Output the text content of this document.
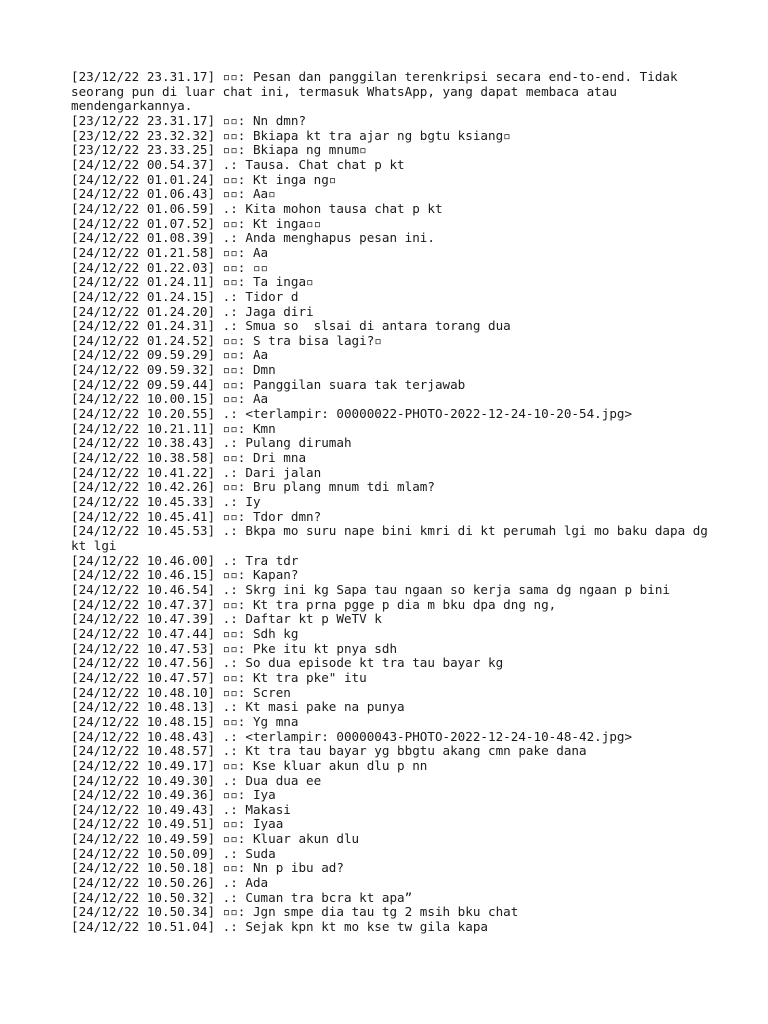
[23/12/22 23.31.17] ▫▫: Pesan dan panggilan terenkripsi secara end-to-end. Tidak seorang pun di luar chat ini, termasuk WhatsApp, yang dapat membaca atau mendengarkannya.
[23/12/22 23.31.17] ▫▫: Nn dmn?
[23/12/22 23.32.32] ▫▫: Bkiapa kt tra ajar ng bgtu ksiang▫
[23/12/22 23.33.25] ▫▫: Bkiapa ng mnum▫
[24/12/22 00.54.37] .: Tausa. Chat chat p kt
[24/12/22 01.01.24] ▫▫: Kt inga ng▫
[24/12/22 01.06.43] ▫▫: Aa▫
[24/12/22 01.06.59] .: Kita mohon tausa chat p kt
[24/12/22 01.07.52] ▫▫: Kt inga▫▫
[24/12/22 01.08.39] .: Anda menghapus pesan ini.
[24/12/22 01.21.58] ▫▫: Aa
[24/12/22 01.22.03] ▫▫: ▫▫
[24/12/22 01.24.11] ▫▫: Ta inga▫
[24/12/22 01.24.15] .: Tidor d
[24/12/22 01.24.20] .: Jaga diri
[24/12/22 01.24.31] .: Smua so  slsai di antara torang dua
[24/12/22 01.24.52] ▫▫: S tra bisa lagi?▫
[24/12/22 09.59.29] ▫▫: Aa
[24/12/22 09.59.32] ▫▫: Dmn
[24/12/22 09.59.44] ▫▫: Panggilan suara tak terjawab
[24/12/22 10.00.15] ▫▫: Aa
[24/12/22 10.20.55] .: <terlampir: 00000022-PHOTO-2022-12-24-10-20-54.jpg>
[24/12/22 10.21.11] ▫▫: Kmn
[24/12/22 10.38.43] .: Pulang dirumah
[24/12/22 10.38.58] ▫▫: Dri mna
[24/12/22 10.41.22] .: Dari jalan
[24/12/22 10.42.26] ▫▫: Bru plang mnum tdi mlam?
[24/12/22 10.45.33] .: Iy
[24/12/22 10.45.41] ▫▫: Tdor dmn?
[24/12/22 10.45.53] .: Bkpa mo suru nape bini kmri di kt perumah lgi mo baku dapa dg kt lgi
[24/12/22 10.46.00] .: Tra tdr
[24/12/22 10.46.15] ▫▫: Kapan?
[24/12/22 10.46.54] .: Skrg ini kg Sapa tau ngaan so kerja sama dg ngaan p bini
[24/12/22 10.47.37] ▫▫: Kt tra prna pgge p dia m bku dpa dng ng,
[24/12/22 10.47.39] .: Daftar kt p WeTV k
[24/12/22 10.47.44] ▫▫: Sdh kg
[24/12/22 10.47.53] ▫▫: Pke itu kt pnya sdh
[24/12/22 10.47.56] .: So dua episode kt tra tau bayar kg
[24/12/22 10.47.57] ▫▫: Kt tra pke" itu
[24/12/22 10.48.10] ▫▫: Scren
[24/12/22 10.48.13] .: Kt masi pake na punya
[24/12/22 10.48.15] ▫▫: Yg mna
[24/12/22 10.48.43] .: <terlampir: 00000043-PHOTO-2022-12-24-10-48-42.jpg>
[24/12/22 10.48.57] .: Kt tra tau bayar yg bbgtu akang cmn pake dana
[24/12/22 10.49.17] ▫▫: Kse kluar akun dlu p nn
[24/12/22 10.49.30] .: Dua dua ee
[24/12/22 10.49.36] ▫▫: Iya
[24/12/22 10.49.43] .: Makasi
[24/12/22 10.49.51] ▫▫: Iyaa
[24/12/22 10.49.59] ▫▫: Kluar akun dlu
[24/12/22 10.50.09] .: Suda
[24/12/22 10.50.18] ▫▫: Nn p ibu ad?
[24/12/22 10.50.26] .: Ada
[24/12/22 10.50.32] .: Cuman tra bcra kt apa”
[24/12/22 10.50.34] ▫▫: Jgn smpe dia tau tg 2 msih bku chat
[24/12/22 10.51.04] .: Sejak kpn kt mo kse tw gila kapa
